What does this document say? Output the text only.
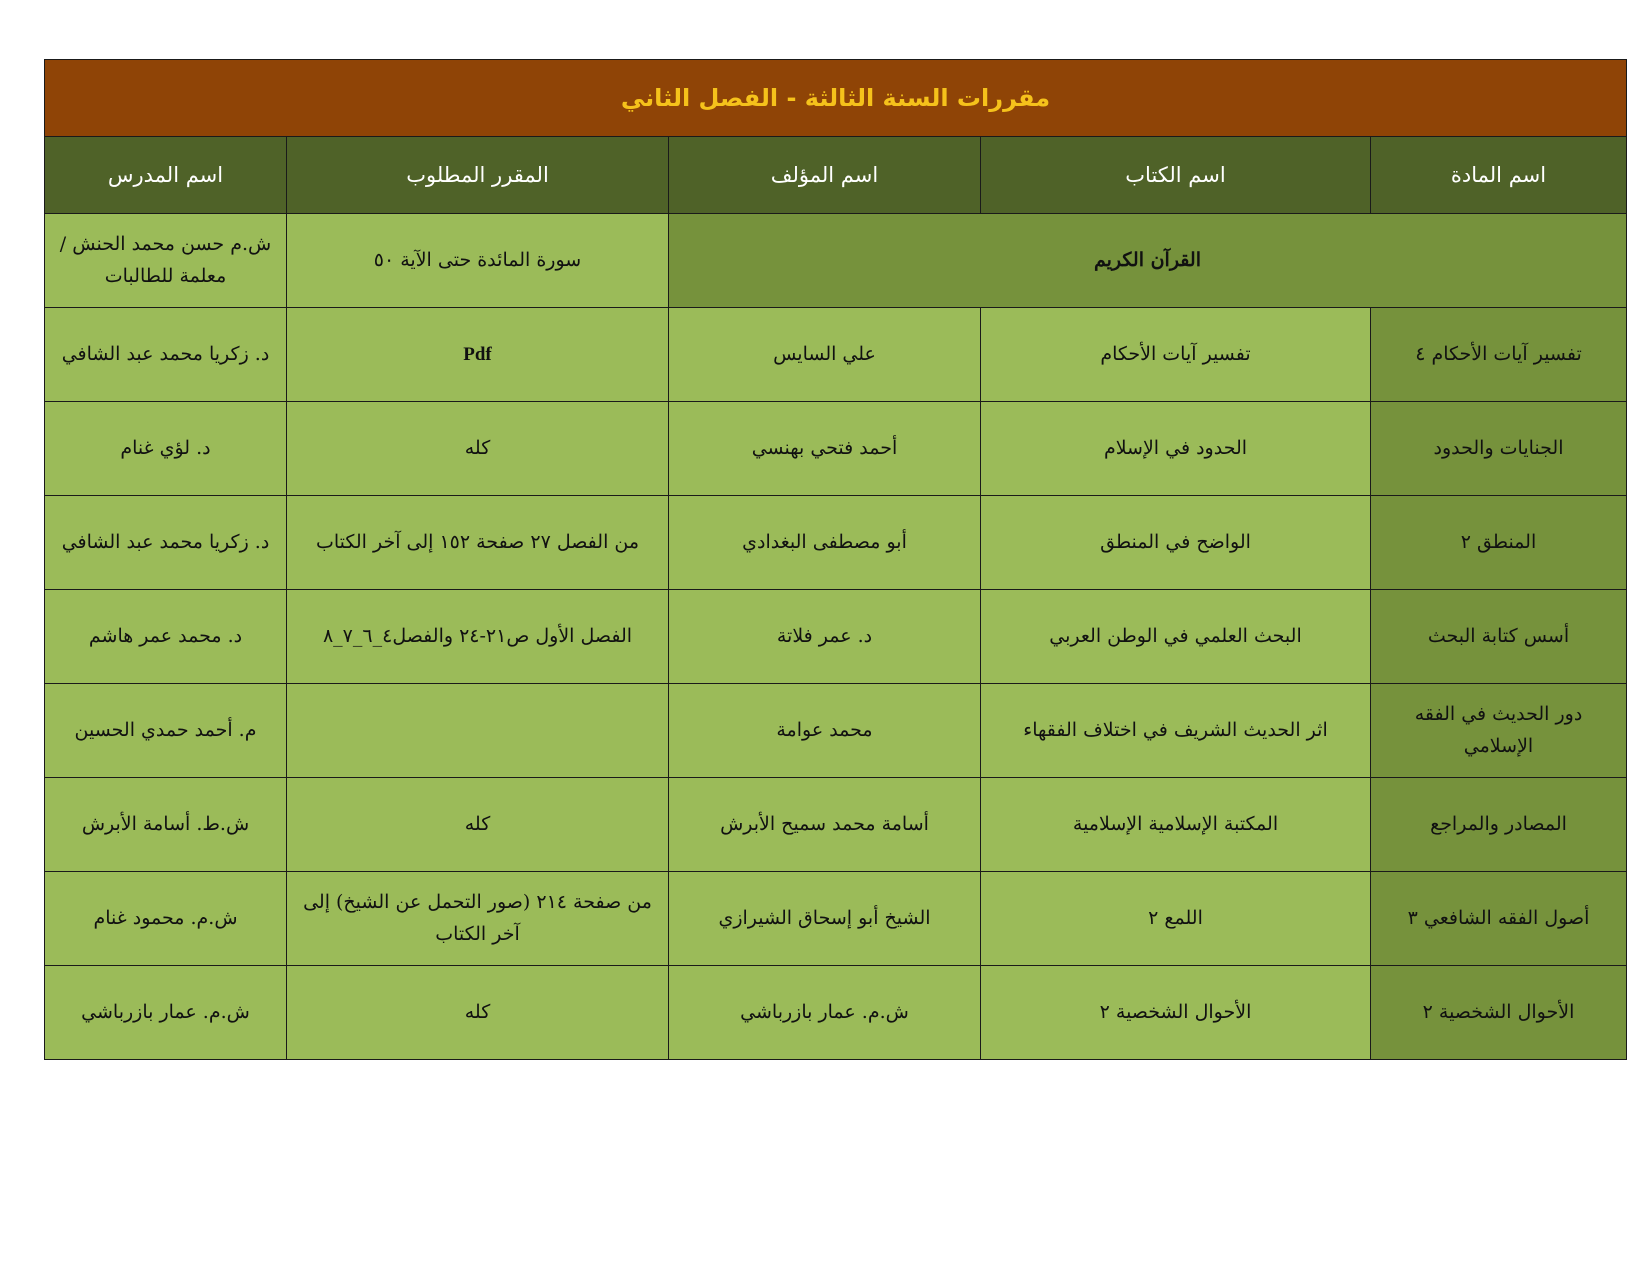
مقررات السنة الثالثة - الفصل الثاني				
اسم المادة	اسم الكتاب	اسم المؤلف	المقرر المطلوب	اسم المدرس
القرآن الكريم			سورة المائدة حتى الآية ٥٠	ش.م حسن محمد الحنش / معلمة للطالبات
تفسير آيات الأحكام ٤	تفسير آيات الأحكام	علي السايس	Pdf	د. زكريا محمد عبد الشافي
الجنايات والحدود	الحدود في الإسلام	أحمد فتحي بهنسي	كله	د. لؤي غنام
المنطق ٢	الواضح في المنطق	أبو مصطفى البغدادي	من الفصل ٢٧ صفحة ١٥٢ إلى آخر الكتاب	د. زكريا محمد عبد الشافي
أسس كتابة البحث	البحث العلمي في الوطن العربي	د. عمر فلاتة	الفصل الأول ص٢١-٢٤ والفصل٤_٦_٧_٨	د. محمد عمر هاشم
دور الحديث في الفقه الإسلامي	اثر الحديث الشريف في اختلاف الفقهاء	محمد عوامة		م. أحمد حمدي الحسين
المصادر والمراجع	المكتبة الإسلامية الإسلامية	أسامة محمد سميح الأبرش	كله	ش.ط. أسامة الأبرش
أصول الفقه الشافعي ٣	اللمع ٢	الشيخ أبو إسحاق الشيرازي	من صفحة ٢١٤ (صور التحمل عن الشيخ) إلى آخر الكتاب	ش.م. محمود غنام
الأحوال الشخصية ٢	الأحوال الشخصية ٢	ش.م. عمار بازرباشي	كله	ش.م. عمار بازرباشي
